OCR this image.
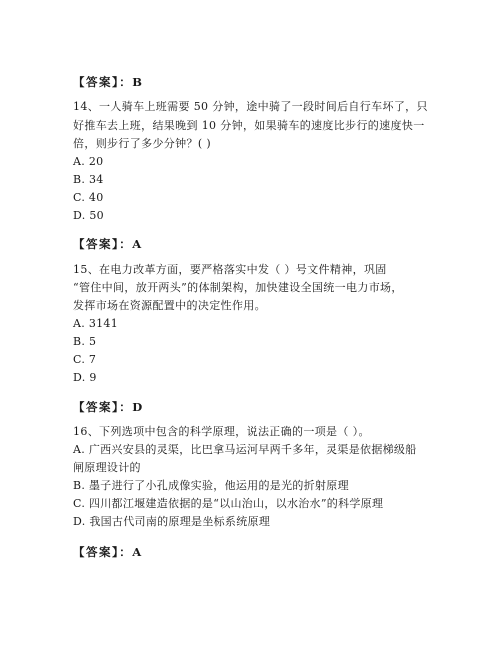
【答案】：B
14、一人骑车上班需要 50 分钟，途中骑了一段时间后自行车坏了，只
好推车去上班，结果晚到 10 分钟，如果骑车的速度比步行的速度快一
倍，则步行了多少分钟？( )
A. 20
B. 34
C. 40
D. 50
【答案】：A
15、在电力改革方面，要严格落实中发（ ）号文件精神，巩固
“管住中间，放开两头”的体制架构，加快建设全国统一电力市场，
发挥市场在资源配置中的决定性作用。
A. 3141
B. 5
C. 7
D. 9
【答案】：D
16、下列选项中包含的科学原理，说法正确的一项是（ ）。
A. 广西兴安县的灵渠，比巴拿马运河早两千多年，灵渠是依据梯级船
闸原理设计的
B. 墨子进行了小孔成像实验，他运用的是光的折射原理
C. 四川都江堰建造依据的是“以山治山，以水治水”的科学原理
D. 我国古代司南的原理是坐标系统原理
【答案】：A
